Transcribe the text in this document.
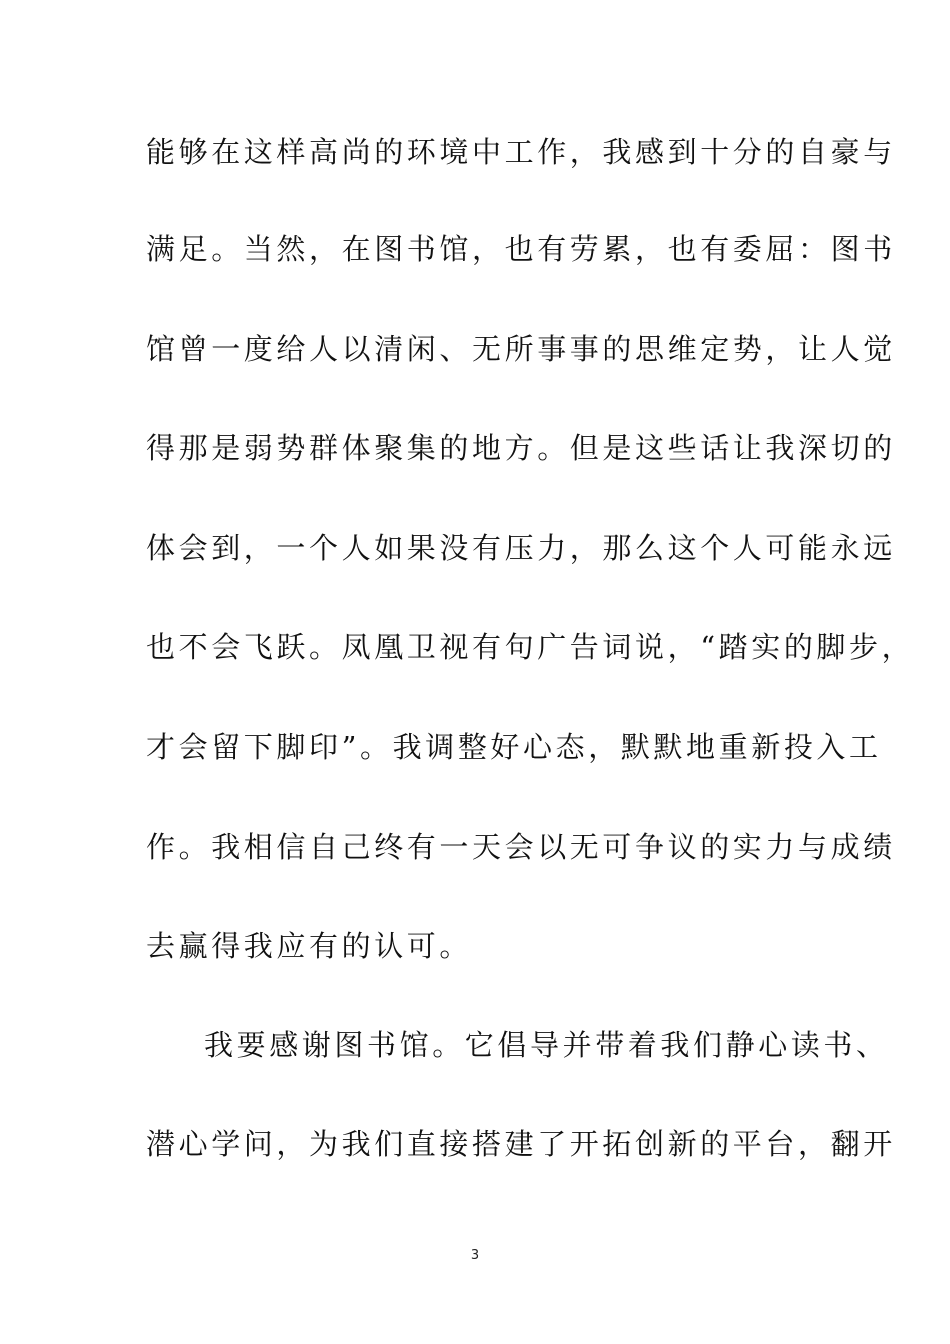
能够在这样高尚的环境中工作，我感到十分的自豪与
满足。当然，在图书馆，也有劳累，也有委屈：图书
馆曾一度给人以清闲、无所事事的思维定势，让人觉
得那是弱势群体聚集的地方。但是这些话让我深切的
体会到，一个人如果没有压力，那么这个人可能永远
也不会飞跃。凤凰卫视有句广告词说，“踏实的脚步，
才会留下脚印”。我调整好心态，默默地重新投入工
作。我相信自己终有一天会以无可争议的实力与成绩
去赢得我应有的认可。
我要感谢图书馆。它倡导并带着我们静心读书、
潜心学问，为我们直接搭建了开拓创新的平台，翻开
3
